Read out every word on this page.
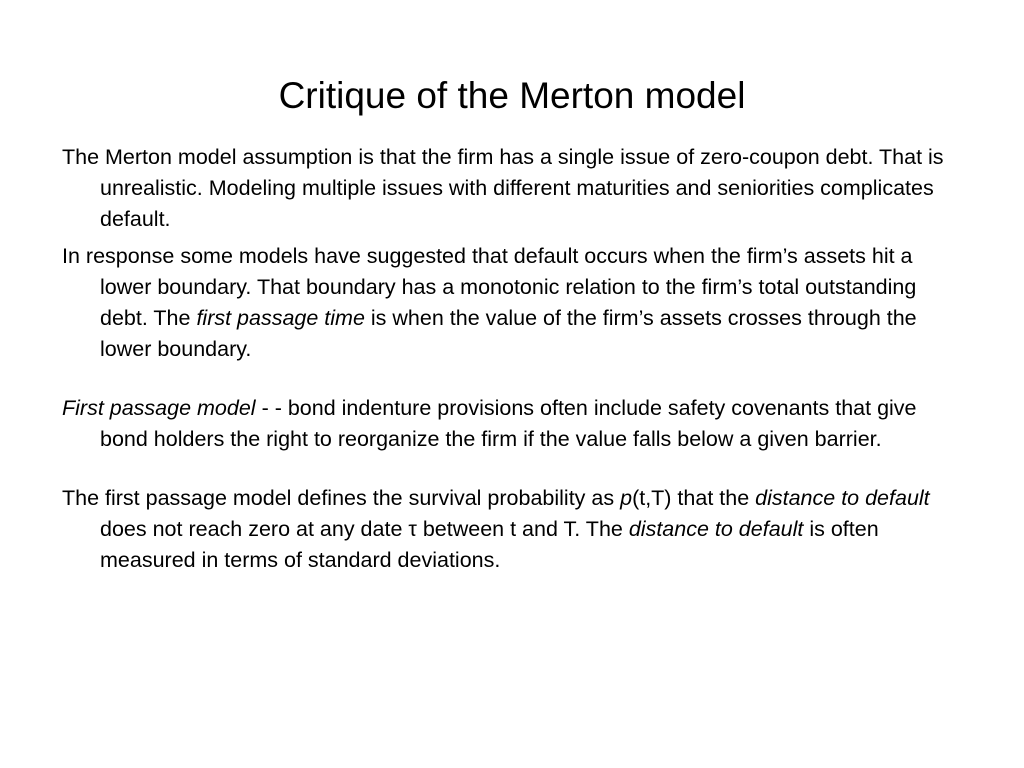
Critique of the Merton model

The Merton model assumption is that the firm has a single issue of zero-coupon debt. That is unrealistic. Modeling multiple issues with different maturities and seniorities complicates default.

In response some models have suggested that default occurs when the firm’s assets hit a lower boundary. That boundary has a monotonic relation to the firm’s total outstanding debt. The first passage time is when the value of the firm’s assets crosses through the lower boundary.

First passage model - - bond indenture provisions often include safety covenants that give bond holders the right to reorganize the firm if the value falls below a given barrier.

The first passage model defines the survival probability as p(t,T) that the distance to default does not reach zero at any date τ between t and T. The distance to default is often measured in terms of standard deviations.
